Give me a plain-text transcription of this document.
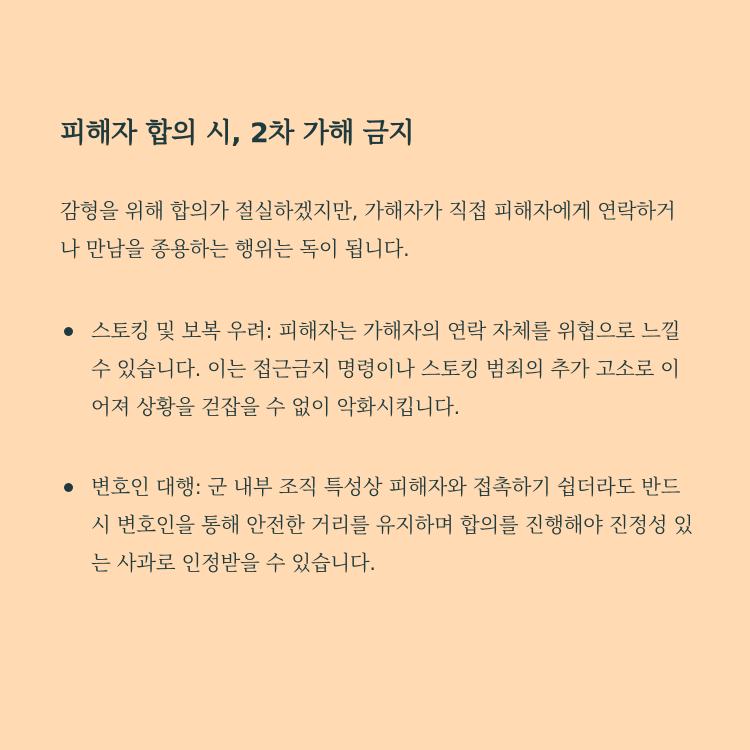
피해자 합의 시, 2차 가해 금지

감형을 위해 합의가 절실하겠지만, 가해자가 직접 피해자에게 연락하거나 만남을 종용하는 행위는 독이 됩니다.

스토킹 및 보복 우려: 피해자는 가해자의 연락 자체를 위협으로 느낄 수 있습니다. 이는 접근금지 명령이나 스토킹 범죄의 추가 고소로 이어져 상황을 걷잡을 수 없이 악화시킵니다.
변호인 대행: 군 내부 조직 특성상 피해자와 접촉하기 쉽더라도 반드시 변호인을 통해 안전한 거리를 유지하며 합의를 진행해야 진정성 있는 사과로 인정받을 수 있습니다.
